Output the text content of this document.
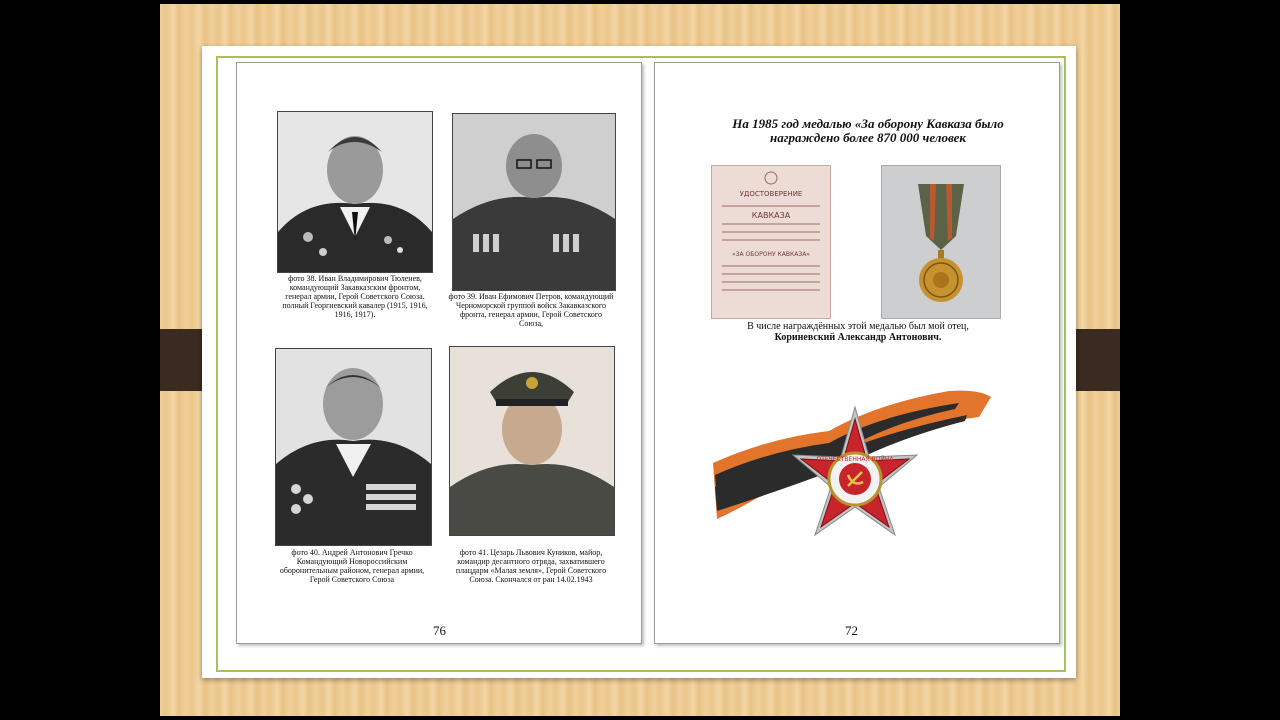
фото 38. Иван Владимирович Тюленев, командующий Закавказским фронтом, генерал армии, Герой Советского Союза. полный Георгиевский кавалер (1915, 1916, 1916, 1917).
фото 39. Иван Ефимович Петров, командующий Черноморской группой войск Закавказского фронта, генерал армии, Герой Советского Союза,
фото 40. Андрей Антонович Гречко Командующий Новороссийским оборонительным районом, генерал армии, Герой Советского Союза
фото 41. Цезарь Львович Куников, майор, командир десантного отряда, захватившего плацдарм «Малая земля», Герой Советского Союза. Скончался от ран 14.02.1943
76
На 1985 год медалью «За оборону Кавказа было награждено более 870 000 человек
УДОСТОВЕРЕНИЕ
КАВКАЗА
«ЗА ОБОРОНУ КАВКАЗА»
В числе награждённых этой медалью был мой отец,
Кориневский Александр Антонович.
ОТЕЧЕСТВЕННАЯ ВОЙНА
72
